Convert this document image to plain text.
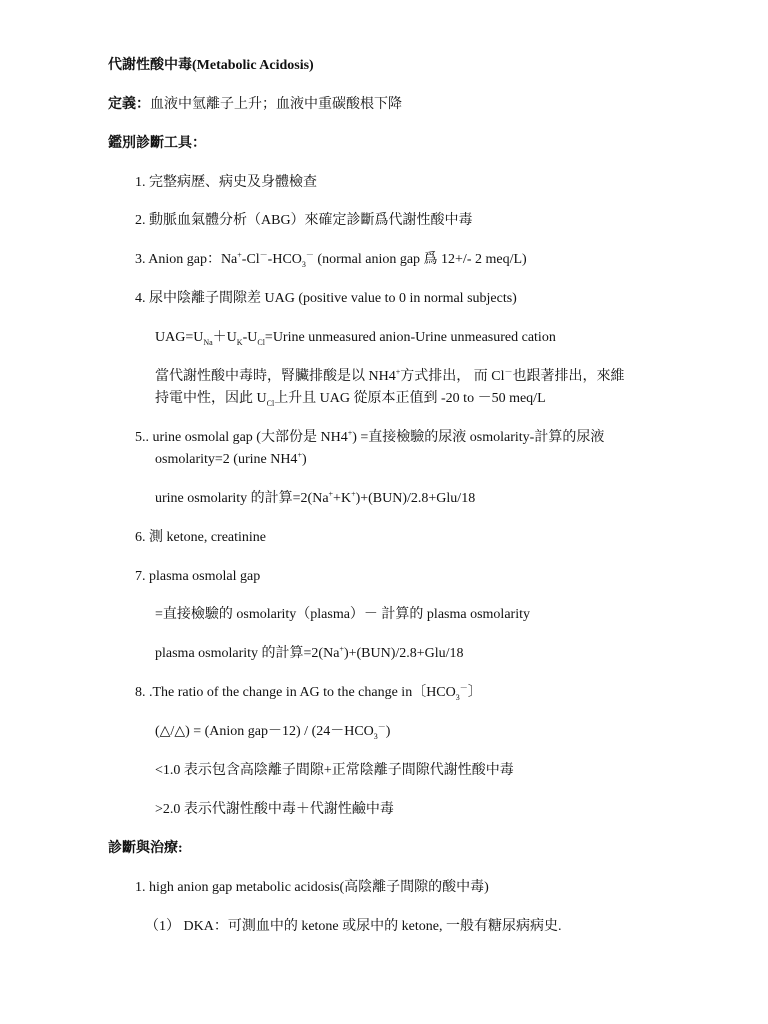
代謝性酸中毒(Metabolic Acidosis)
定義：血液中氫離子上升；血液中重碳酸根下降
鑑別診斷工具：
1. 完整病歷、病史及身體檢查
2. 動脈血氣體分析（ABG）來確定診斷爲代謝性酸中毒
3. Anion gap：$Na^+-Cl^--HCO_3^-$ (normal anion gap 爲 12+/- 2 meq/L)
4. 尿中陰離子間隙差 UAG (positive value to 0 in normal subjects)
$UAG=U_{Na}+U_K-U_{Cl}=Urine$ unmeasured anion-Urine unmeasured cation
當代謝性酸中毒時，腎臟排酸是以 NH4+方式排出， 而 Cl－也跟著排出，來維
持電中性，因此 $U_{Cl}$上升且 UAG 從原本正值到 -20 to －50 meq/L
5.. urine osmolal gap (大部份是 NH4+) =直接檢驗的尿液 osmolarity-計算的尿液
osmolarity=2 (urine NH4+)
urine osmolarity 的計算=2(Na++K+)+(BUN)/2.8+Glu/18
6. 測 ketone, creatinine
7. plasma osmolal gap
=直接檢驗的 osmolarity（plasma）－ 計算的 plasma osmolarity
plasma osmolarity 的計算=2(Na+)+(BUN)/2.8+Glu/18
8. .The ratio of the change in AG to the change in〔$HCO_3^-$〕
(△/△) = (Anion $gap-12) / (24-HCO_3^-)$
<1.0 表示包含高陰離子間隙+正常陰離子間隙代謝性酸中毒
>2.0 表示代謝性酸中毒＋代謝性鹼中毒
診斷與治療:
1. high anion gap metabolic acidosis(高陰離子間隙的酸中毒)
（1） DKA：可測血中的 ketone 或尿中的 ketone, 一般有糖尿病病史.
